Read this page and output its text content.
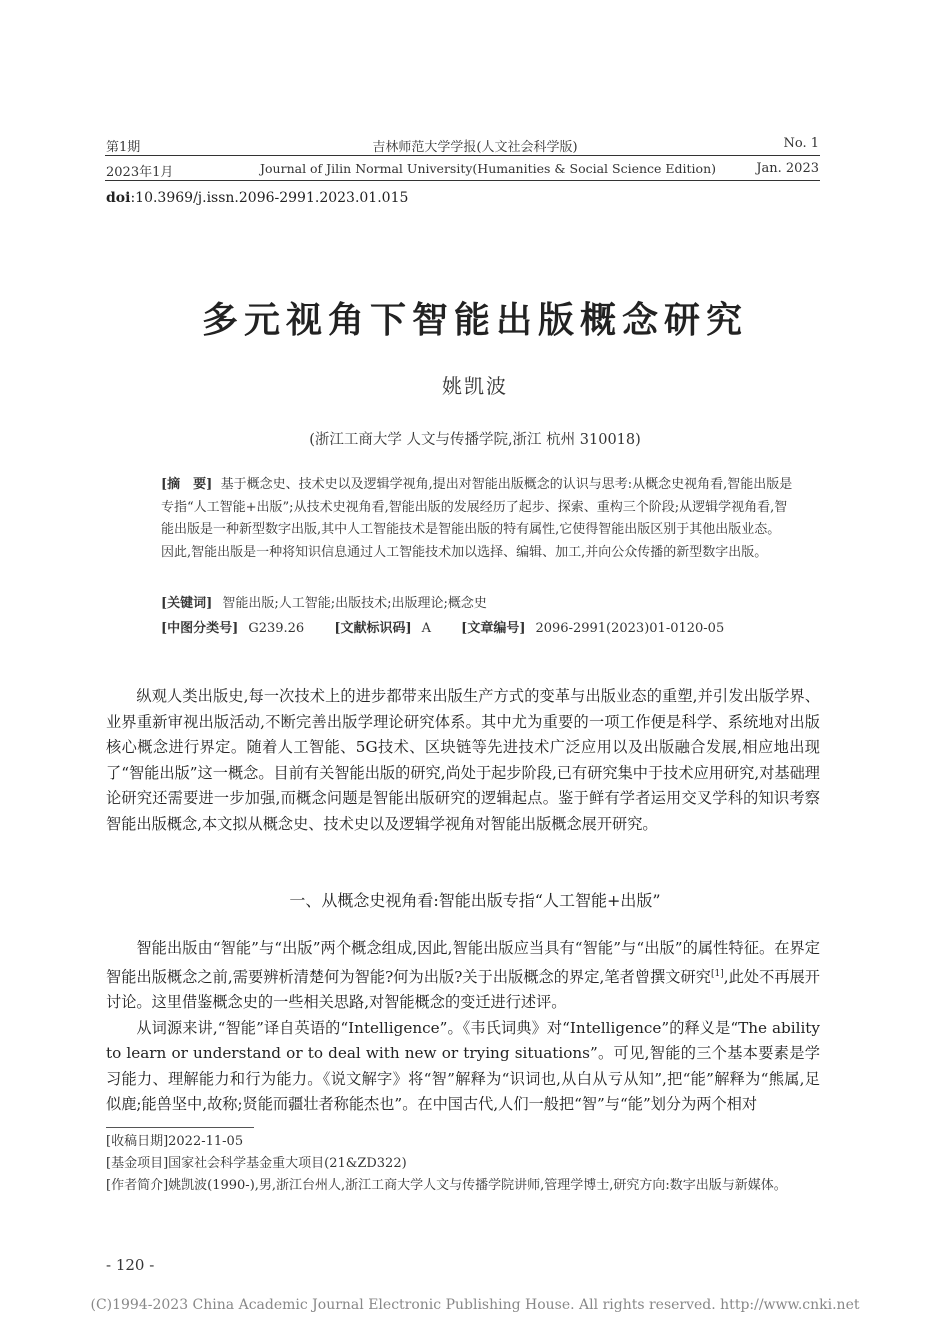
第1期	吉林师范大学学报(人文社会科学版)	No. 1
2023年1月	Journal of Jilin Normal University(Humanities & Social Science Edition)	Jan. 2023
doi:10.3969/j.issn.2096-2991.2023.01.015
多元视角下智能出版概念研究
姚凯波
(浙江工商大学 人文与传播学院,浙江 杭州 310018)

[摘　要] 基于概念史、技术史以及逻辑学视角,提出对智能出版概念的认识与思考:从概念史视角看,智能出版是专指“人工智能+出版”;从技术史视角看,智能出版的发展经历了起步、探索、重构三个阶段;从逻辑学视角看,智能出版是一种新型数字出版,其中人工智能技术是智能出版的特有属性,它使得智能出版区别于其他出版业态。因此,智能出版是一种将知识信息通过人工智能技术加以选择、编辑、加工,并向公众传播的新型数字出版。

[关键词] 智能出版;人工智能;出版技术;出版理论;概念史
[中图分类号] G239.26 [文献标识码] A [文章编号] 2096-2991(2023)01-0120-05

纵观人类出版史,每一次技术上的进步都带来出版生产方式的变革与出版业态的重塑,并引发出版学界、业界重新审视出版活动,不断完善出版学理论研究体系。其中尤为重要的一项工作便是科学、系统地对出版核心概念进行界定。随着人工智能、5G技术、区块链等先进技术广泛应用以及出版融合发展,相应地出现了“智能出版”这一概念。目前有关智能出版的研究,尚处于起步阶段,已有研究集中于技术应用研究,对基础理论研究还需要进一步加强,而概念问题是智能出版研究的逻辑起点。鉴于鲜有学者运用交叉学科的知识考察智能出版概念,本文拟从概念史、技术史以及逻辑学视角对智能出版概念展开研究。

一、从概念史视角看:智能出版专指“人工智能+出版”

智能出版由“智能”与“出版”两个概念组成,因此,智能出版应当具有“智能”与“出版”的属性特征。在界定智能出版概念之前,需要辨析清楚何为智能?何为出版?关于出版概念的界定,笔者曾撰文研究[1],此处不再展开讨论。这里借鉴概念史的一些相关思路,对智能概念的变迁进行述评。

从词源来讲,“智能”译自英语的“Intelligence”。《韦氏词典》对“Intelligence”的释义是“The ability to learn or understand or to deal with new or trying situations”。可见,智能的三个基本要素是学习能力、理解能力和行为能力。《说文解字》将“智”解释为“识词也,从白从亏从知”,把“能”解释为“熊属,足似鹿;能兽坚中,故称;贤能而疆壮者称能杰也”。在中国古代,人们一般把“智”与“能”划分为两个相对

[收稿日期]2022-11-05

[基金项目]国家社会科学基金重大项目(21&ZD322)

[作者简介]姚凯波(1990-),男,浙江台州人,浙江工商大学人文与传播学院讲师,管理学博士,研究方向:数字出版与新媒体。

- 120 -
(C)1994-2023 China Academic Journal Electronic Publishing House. All rights reserved. http://www.cnki.net
